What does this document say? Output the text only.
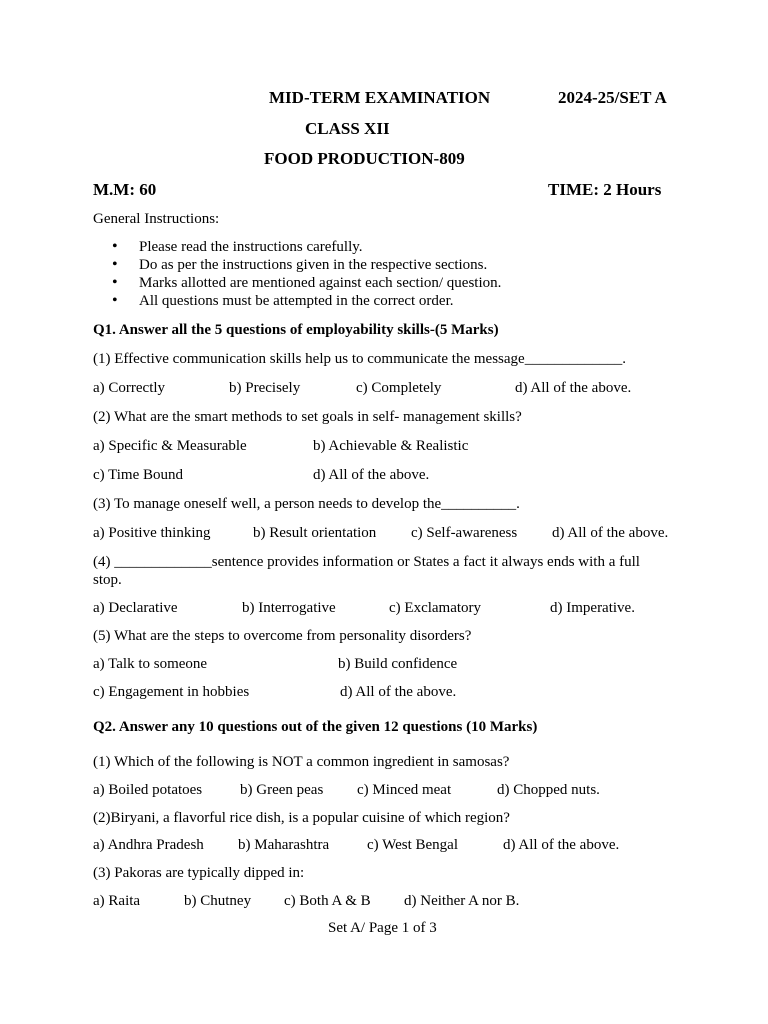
MID-TERM EXAMINATION	2024-25/SET A
CLASS XII
FOOD PRODUCTION-809
M.M: 60	TIME: 2 Hours
General Instructions:
• Please read the instructions carefully.
• Do as per the instructions given in the respective sections.
• Marks allotted are mentioned against each section/ question.
• All questions must be attempted in the correct order.
Q1. Answer all the 5 questions of employability skills-(5 Marks)
(1) Effective communication skills help us to communicate the message_____________.
a) Correctly	b) Precisely	c) Completely	d) All of the above.
(2) What are the smart methods to set goals in self- management skills?
a) Specific & Measurable	b) Achievable & Realistic
c) Time Bound	d) All of the above.
(3) To manage oneself well, a person needs to develop the__________.
a) Positive thinking	b) Result orientation c) Self-awareness d) All of the above.
(4) _____________sentence provides information or States a fact it always ends with a full
stop.
a) Declarative	b) Interrogative	c) Exclamatory	d) Imperative.
(5) What are the steps to overcome from personality disorders?
a) Talk to someone	b) Build confidence
c) Engagement in hobbies	d) All of the above.
Q2. Answer any 10 questions out of the given 12 questions (10 Marks)
(1) Which of the following is NOT a common ingredient in samosas?
a) Boiled potatoes	b) Green peas c) Minced meat	d) Chopped nuts.
(2)Biryani, a flavorful rice dish, is a popular cuisine of which region?
a) Andhra Pradesh b) Maharashtra	c) West Bengal	d) All of the above.
(3) Pakoras are typically dipped in:
a) Raita	b) Chutney c) Both A & B d) Neither A nor B.
Set A/ Page 1 of 3
